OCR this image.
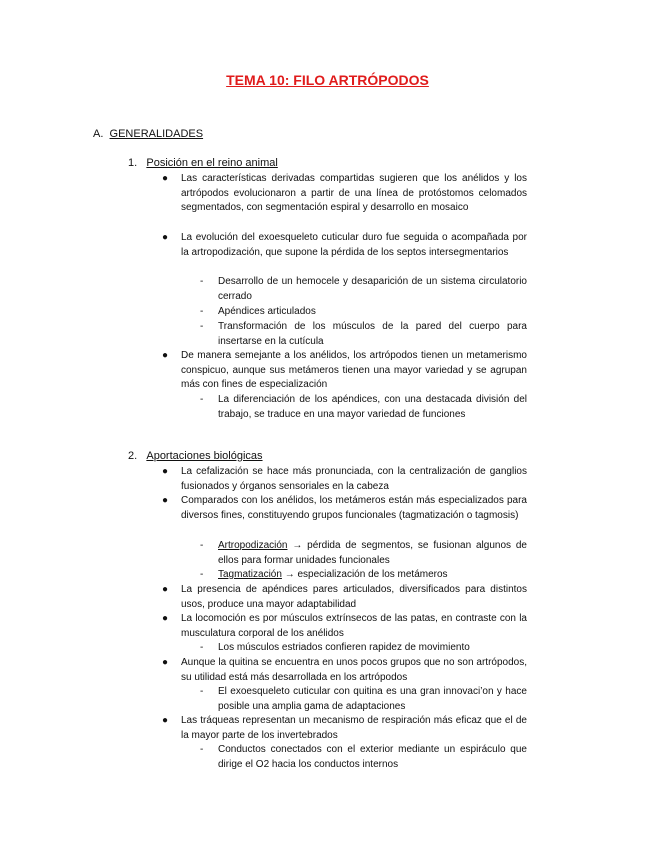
TEMA 10: FILO ARTRÓPODOS
A. GENERALIDADES
1. Posición en el reino animal
● Las características derivadas compartidas sugieren que los anélidos y los artrópodos evolucionaron a partir de una línea de protóstomos celomados segmentados, con segmentación espiral y desarrollo en mosaico
● La evolución del exoesqueleto cuticular duro fue seguida o acompañada por la artropodización, que supone la pérdida de los septos intersegmentarios
- Desarrollo de un hemocele y desaparición de un sistema circulatorio cerrado
- Apéndices articulados
- Transformación de los músculos de la pared del cuerpo para insertarse en la cutícula
● De manera semejante a los anélidos, los artrópodos tienen un metamerismo conspicuo, aunque sus metámeros tienen una mayor variedad y se agrupan más con fines de especialización
- La diferenciación de los apéndices, con una destacada división del trabajo, se traduce en una mayor variedad de funciones
2. Aportaciones biológicas
● La cefalización se hace más pronunciada, con la centralización de ganglios fusionados y órganos sensoriales en la cabeza
● Comparados con los anélidos, los metámeros están más especializados para diversos fines, constituyendo grupos funcionales (tagmatización o tagmosis)
- Artropodización → pérdida de segmentos, se fusionan algunos de ellos para formar unidades funcionales
- Tagmatización → especialización de los metámeros
● La presencia de apéndices pares articulados, diversificados para distintos usos, produce una mayor adaptabilidad
● La locomoción es por músculos extrínsecos de las patas, en contraste con la musculatura corporal de los anélidos
- Los músculos estriados confieren rapidez de movimiento
● Aunque la quitina se encuentra en unos pocos grupos que no son artrópodos, su utilidad está más desarrollada en los artrópodos
- El exoesqueleto cuticular con quitina es una gran innovaci’on y hace posible una amplia gama de adaptaciones
● Las tráqueas representan un mecanismo de respiración más eficaz que el de la mayor parte de los invertebrados
- Conductos conectados con el exterior mediante un espiráculo que dirige el O2 hacia los conductos internos
